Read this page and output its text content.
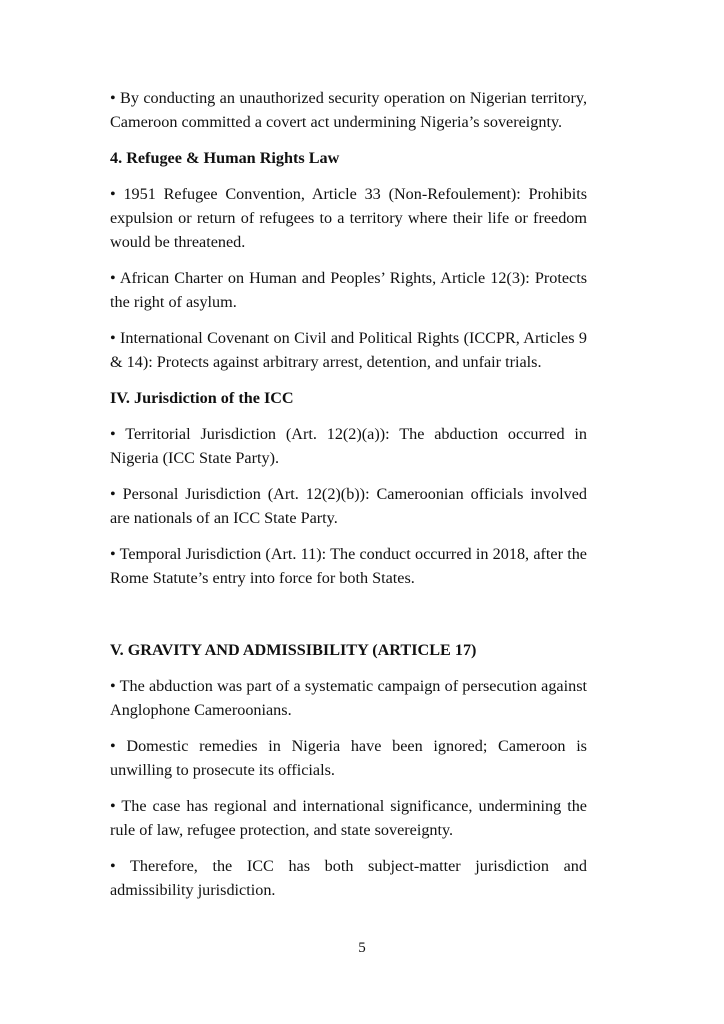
• By conducting an unauthorized security operation on Nigerian territory, Cameroon committed a covert act undermining Nigeria’s sovereignty.

4. Refugee & Human Rights Law

• 1951 Refugee Convention, Article 33 (Non-Refoulement): Prohibits expulsion or return of refugees to a territory where their life or freedom would be threatened.

• African Charter on Human and Peoples’ Rights, Article 12(3): Protects the right of asylum.

• International Covenant on Civil and Political Rights (ICCPR, Articles 9 & 14): Protects against arbitrary arrest, detention, and unfair trials.

IV. Jurisdiction of the ICC

• Territorial Jurisdiction (Art. 12(2)(a)): The abduction occurred in Nigeria (ICC State Party).

• Personal Jurisdiction (Art. 12(2)(b)): Cameroonian officials involved are nationals of an ICC State Party.

• Temporal Jurisdiction (Art. 11): The conduct occurred in 2018, after the Rome Statute’s entry into force for both States.

V. GRAVITY AND ADMISSIBILITY (ARTICLE 17)

• The abduction was part of a systematic campaign of persecution against Anglophone Cameroonians.

• Domestic remedies in Nigeria have been ignored; Cameroon is unwilling to prosecute its officials.

• The case has regional and international significance, undermining the rule of law, refugee protection, and state sovereignty.

• Therefore, the ICC has both subject-matter jurisdiction and admissibility jurisdiction.

5
